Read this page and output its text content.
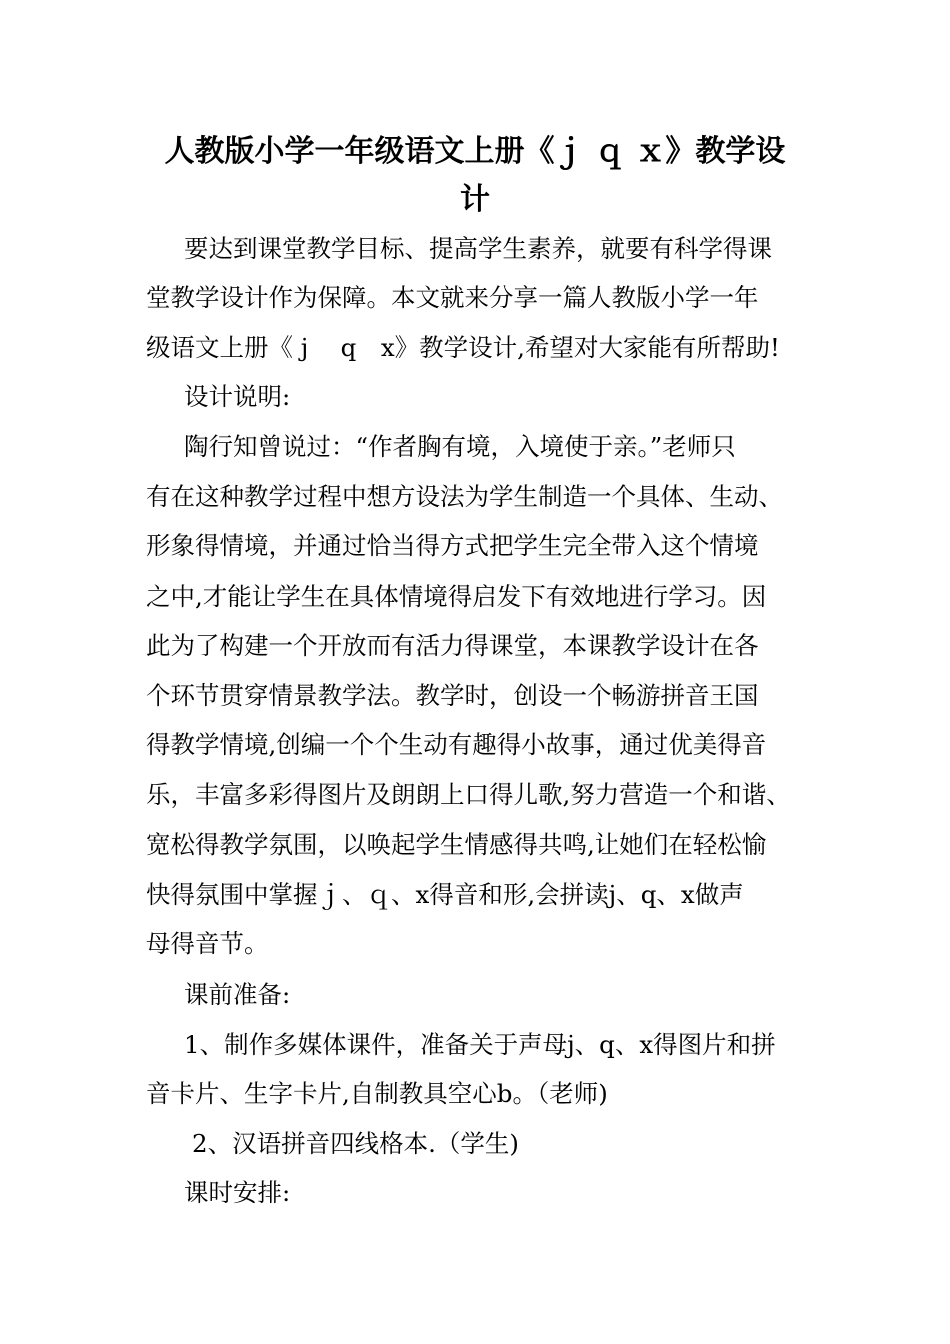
人教版小学一年级语文上册《ｊ ｑ ｘ》教学设
计
要达到课堂教学目标、提高学生素养，就要有科学得课
堂教学设计作为保障。本文就来分享一篇人教版小学一年
级语文上册《 j　 q　x》教学设计,希望对大家能有所帮助!
设计说明:
陶行知曾说过：“作者胸有境，入境使于亲。”老师只
有在这种教学过程中想方设法为学生制造一个具体、生动、
形象得情境，并通过恰当得方式把学生完全带入这个情境
之中,才能让学生在具体情境得启发下有效地进行学习。因
此为了构建一个开放而有活力得课堂，本课教学设计在各
个环节贯穿情景教学法。教学时，创设一个畅游拼音王国
得教学情境,创编一个个生动有趣得小故事，通过优美得音
乐，丰富多彩得图片及朗朗上口得儿歌,努力营造一个和谐、
宽松得教学氛围，以唤起学生情感得共鸣,让她们在轻松愉
快得氛围中掌握ｊ、ｑ、x得音和形,会拼读j、q、x做声
母得音节。
课前准备:
1、制作多媒体课件，准备关于声母j、q、x得图片和拼
音卡片、生字卡片,自制教具空心b。（老师)
2、汉语拼音四线格本.（学生)
课时安排:
